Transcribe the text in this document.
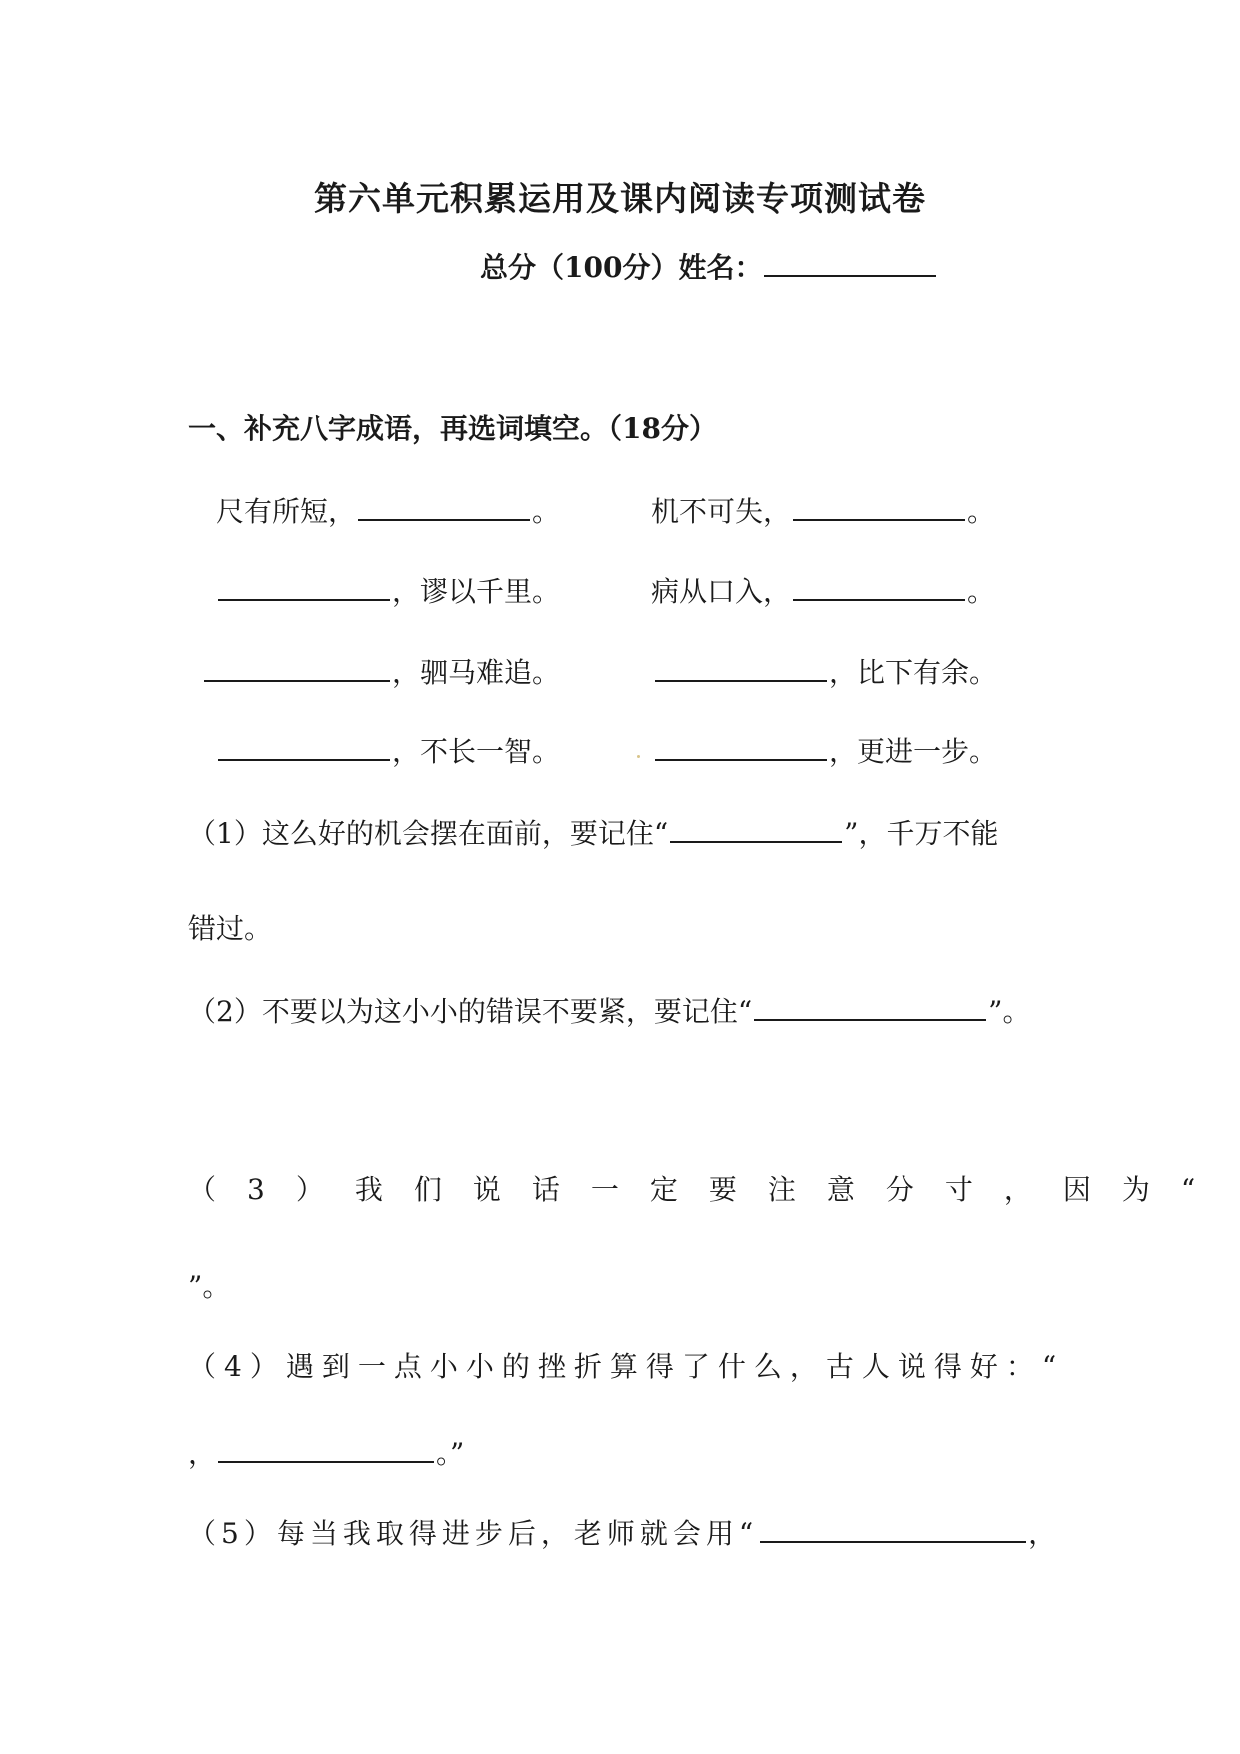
第六单元积累运用及课内阅读专项测试卷
总分（100分）姓名：
一、补充八字成语，再选词填空。（18分）
尺有所短，	。	机不可失，	。
，谬以千里。	病从口入，	。
，驷马难追。	，比下有余。
，不长一智。	，更进一步。
（1）这么好的机会摆在面前，要记住“	”，千万不能
错过。
（2）不要以为这小小的错误不要紧，要记住“	”。
（3）我们说话一定要注意分寸，因为“
”。
（4）遇到一点小小的挫折算得了什么，古人说得好：“
，	。”
（5）每当我取得进步后，老师就会用“	，
